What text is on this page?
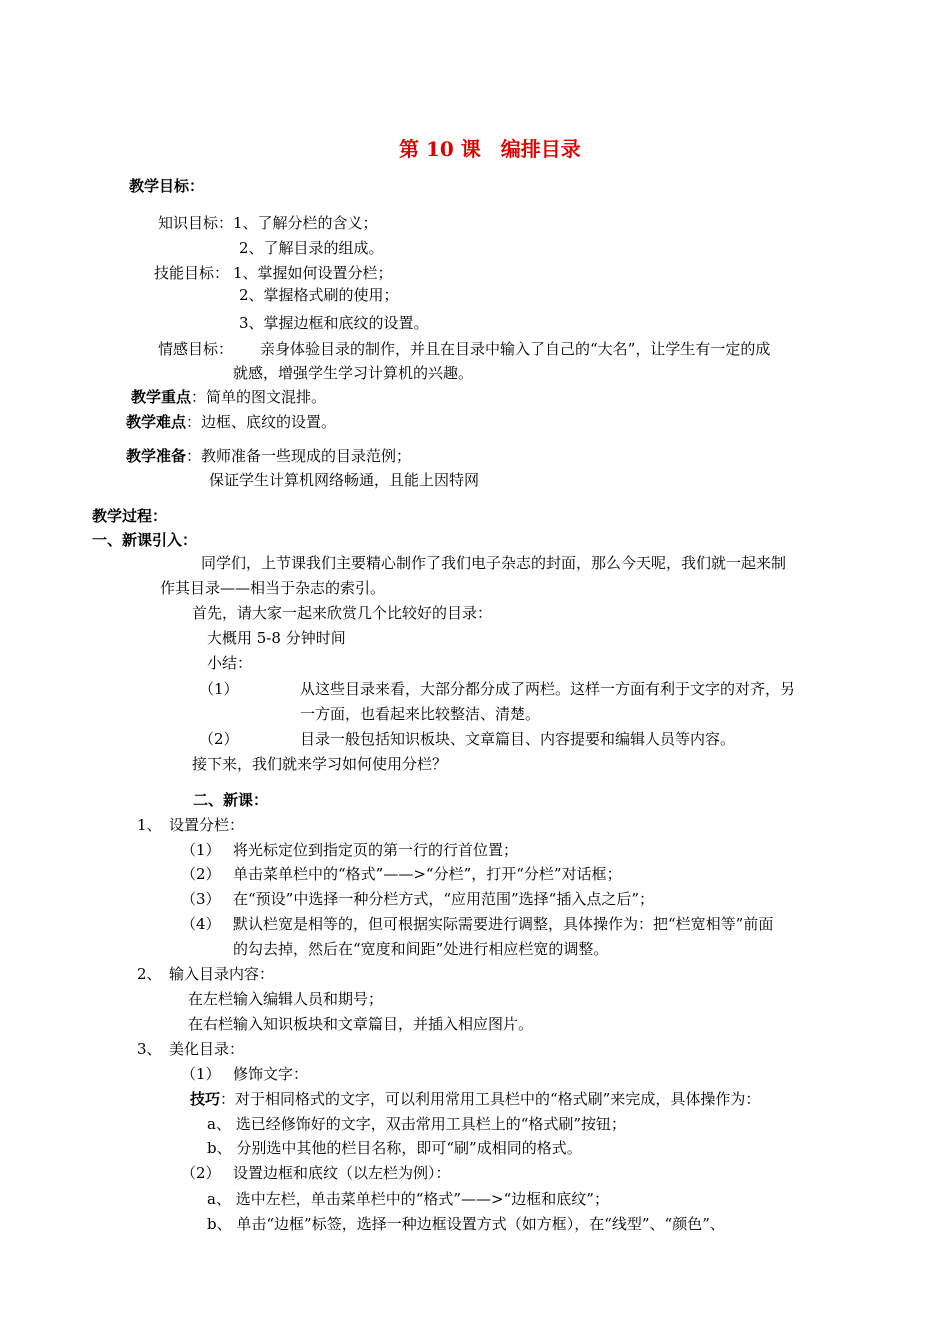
第 10 课　编排目录
教学目标：
知识目标： 1、了解分栏的含义；
2、了解目录的组成。
技能目标： 1、掌握如何设置分栏；
2、掌握格式刷的使用；
3、掌握边框和底纹的设置。
情感目标： 亲身体验目录的制作，并且在目录中输入了自己的“大名”，让学生有一定的成
就感，增强学生学习计算机的兴趣。
教学重点：简单的图文混排。
教学难点：边框、底纹的设置。
教学准备：教师准备一些现成的目录范例；
保证学生计算机网络畅通，且能上因特网
教学过程：
一、新课引入：
同学们，上节课我们主要精心制作了我们电子杂志的封面，那么今天呢，我们就一起来制
作其目录——相当于杂志的索引。
首先，请大家一起来欣赏几个比较好的目录：
大概用 5-8 分钟时间
小结：
（1）	从这些目录来看，大部分都分成了两栏。这样一方面有利于文字的对齐，另
一方面，也看起来比较整洁、清楚。
（2）	目录一般包括知识板块、文章篇目、内容提要和编辑人员等内容。
接下来，我们就来学习如何使用分栏？
二、新课：
1、　设置分栏：
（1） 将光标定位到指定页的第一行的行首位置；
（2） 单击菜单栏中的“格式”——>“分栏”，打开“分栏”对话框；
（3） 在“预设”中选择一种分栏方式，“应用范围”选择“插入点之后”；
（4） 默认栏宽是相等的，但可根据实际需要进行调整，具体操作为：把“栏宽相等”前面
的勾去掉，然后在“宽度和间距”处进行相应栏宽的调整。
2、　输入目录内容：
在左栏输入编辑人员和期号；
在右栏输入知识板块和文章篇目，并插入相应图片。
3、　美化目录：
（1） 修饰文字：
技巧：对于相同格式的文字，可以利用常用工具栏中的“格式刷”来完成，具体操作为：
a、 选已经修饰好的文字，双击常用工具栏上的“格式刷”按钮；
b、 分别选中其他的栏目名称，即可“刷”成相同的格式。
（2） 设置边框和底纹（以左栏为例）：
a、 选中左栏，单击菜单栏中的“格式”——>“边框和底纹”；
b、 单击“边框”标签，选择一种边框设置方式（如方框），在“线型”、“颜色”、
